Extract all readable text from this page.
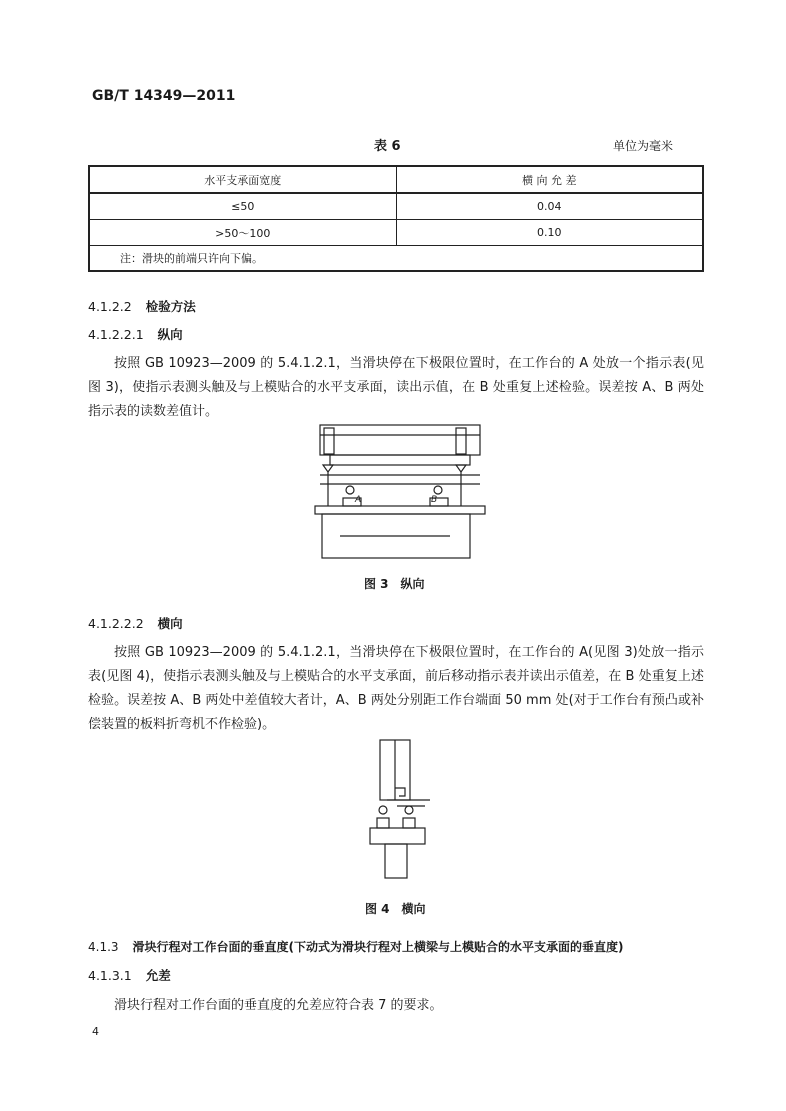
GB/T 14349—2011
表 6	单位为毫米
水平支承面宽度	横 向 允 差
≤50	0.04
>50～100	0.10
注：滑块的前端只许向下偏。	
4.1.2.2 检验方法
4.1.2.2.1 纵向
按照 GB 10923—2009 的 5.4.1.2.1，当滑块停在下极限位置时，在工作台的 A 处放一个指示表(见图 3)，使指示表测头触及与上模贴合的水平支承面，读出示值，在 B 处重复上述检验。误差按 A、B 两处指示表的读数差值计。
A	B
图 3　纵向
4.1.2.2.2 横向
按照 GB 10923—2009 的 5.4.1.2.1，当滑块停在下极限位置时，在工作台的 A(见图 3)处放一指示表(见图 4)，使指示表测头触及与上模贴合的水平支承面，前后移动指示表并读出示值差，在 B 处重复上述检验。误差按 A、B 两处中差值较大者计，A、B 两处分别距工作台端面 50 mm 处(对于工作台有预凸或补偿装置的板料折弯机不作检验)。
图 4　横向
4.1.3 滑块行程对工作台面的垂直度(下动式为滑块行程对上横梁与上模贴合的水平支承面的垂直度)
4.1.3.1 允差
滑块行程对工作台面的垂直度的允差应符合表 7 的要求。
4
